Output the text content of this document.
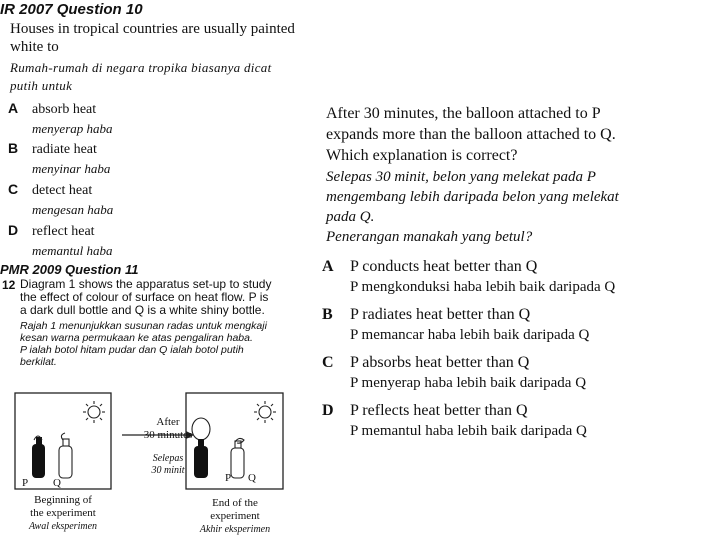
IR 2007 Question 10
Houses in tropical countries are usually painted
white to
Rumah-rumah di negara tropika biasanya dicat
putih untuk
A absorb heat
menyerap haba
B radiate heat
menyinar haba
C detect heat
mengesan haba
D reflect heat
memantul haba
PMR 2009 Question 11
12 Diagram 1 shows the apparatus set-up to study
the effect of colour of surface on heat flow. P is
a dark dull bottle and Q is a white shiny bottle.
Rajah 1 menunjukkan susunan radas untuk mengkaji
kesan warna permukaan ke atas pengaliran haba.
P ialah botol hitam pudar dan Q ialah botol putih
berkilat.
After
30 minutes
Selepas
30 minit
P Q	P Q
Beginning of
the experiment
Awal eksperimen
End of the
experiment
Akhir eksperimen
After 30 minutes, the balloon attached to P
expands more than the balloon attached to Q.
Which explanation is correct?
Selepas 30 minit, belon yang melekat pada P
mengembang lebih daripada belon yang melekat
pada Q.
Penerangan manakah yang betul?
A P conducts heat better than Q
P mengkonduksi haba lebih baik daripada Q
B P radiates heat better than Q
P memancar haba lebih baik daripada Q
C P absorbs heat better than Q
P menyerap haba lebih baik daripada Q
D P reflects heat better than Q
P memantul haba lebih baik daripada Q
